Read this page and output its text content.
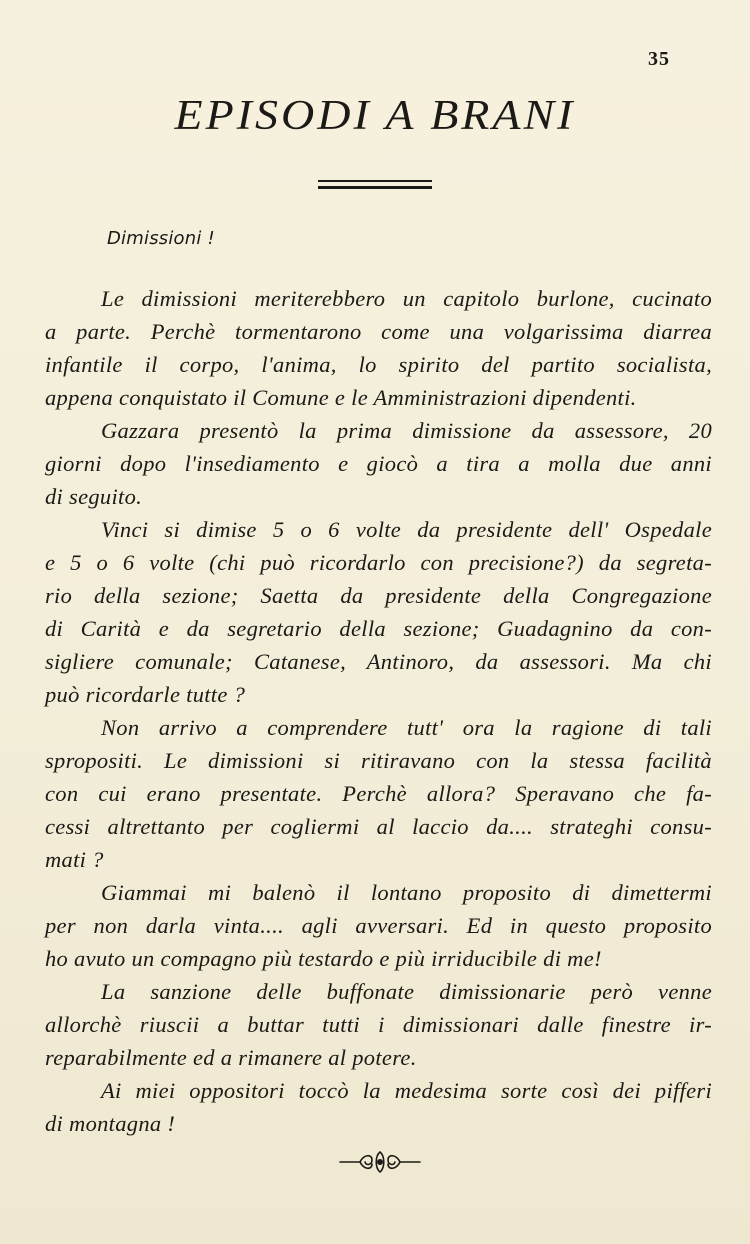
35
EPISODI A BRANI
Dimissioni !
Le dimissioni meriterebbero un capitolo burlone, cucinato
a parte. Perchè tormentarono come una volgarissima diarrea
infantile il corpo, l'anima, lo spirito del partito socialista,
appena conquistato il Comune e le Amministrazioni dipendenti.
Gazzara presentò la prima dimissione da assessore, 20
giorni dopo l'insediamento e giocò a tira a molla due anni
di seguito.
Vinci si dimise 5 o 6 volte da presidente dell' Ospedale
e 5 o 6 volte (chi può ricordarlo con precisione?) da segreta-
rio della sezione; Saetta da presidente della Congregazione
di Carità e da segretario della sezione; Guadagnino da con-
sigliere comunale; Catanese, Antinoro, da assessori. Ma chi
può ricordarle tutte ?
Non arrivo a comprendere tutt' ora la ragione di tali
spropositi. Le dimissioni si ritiravano con la stessa facilità
con cui erano presentate. Perchè allora? Speravano che fa-
cessi altrettanto per cogliermi al laccio da.... strateghi consu-
mati ?
Giammai mi balenò il lontano proposito di dimettermi
per non darla vinta.... agli avversari. Ed in questo proposito
ho avuto un compagno più testardo e più irriducibile di me!
La sanzione delle buffonate dimissionarie però venne
allorchè riuscii a buttar tutti i dimissionari dalle finestre ir-
reparabilmente ed a rimanere al potere.
Ai miei oppositori toccò la medesima sorte così dei pifferi
di montagna !
